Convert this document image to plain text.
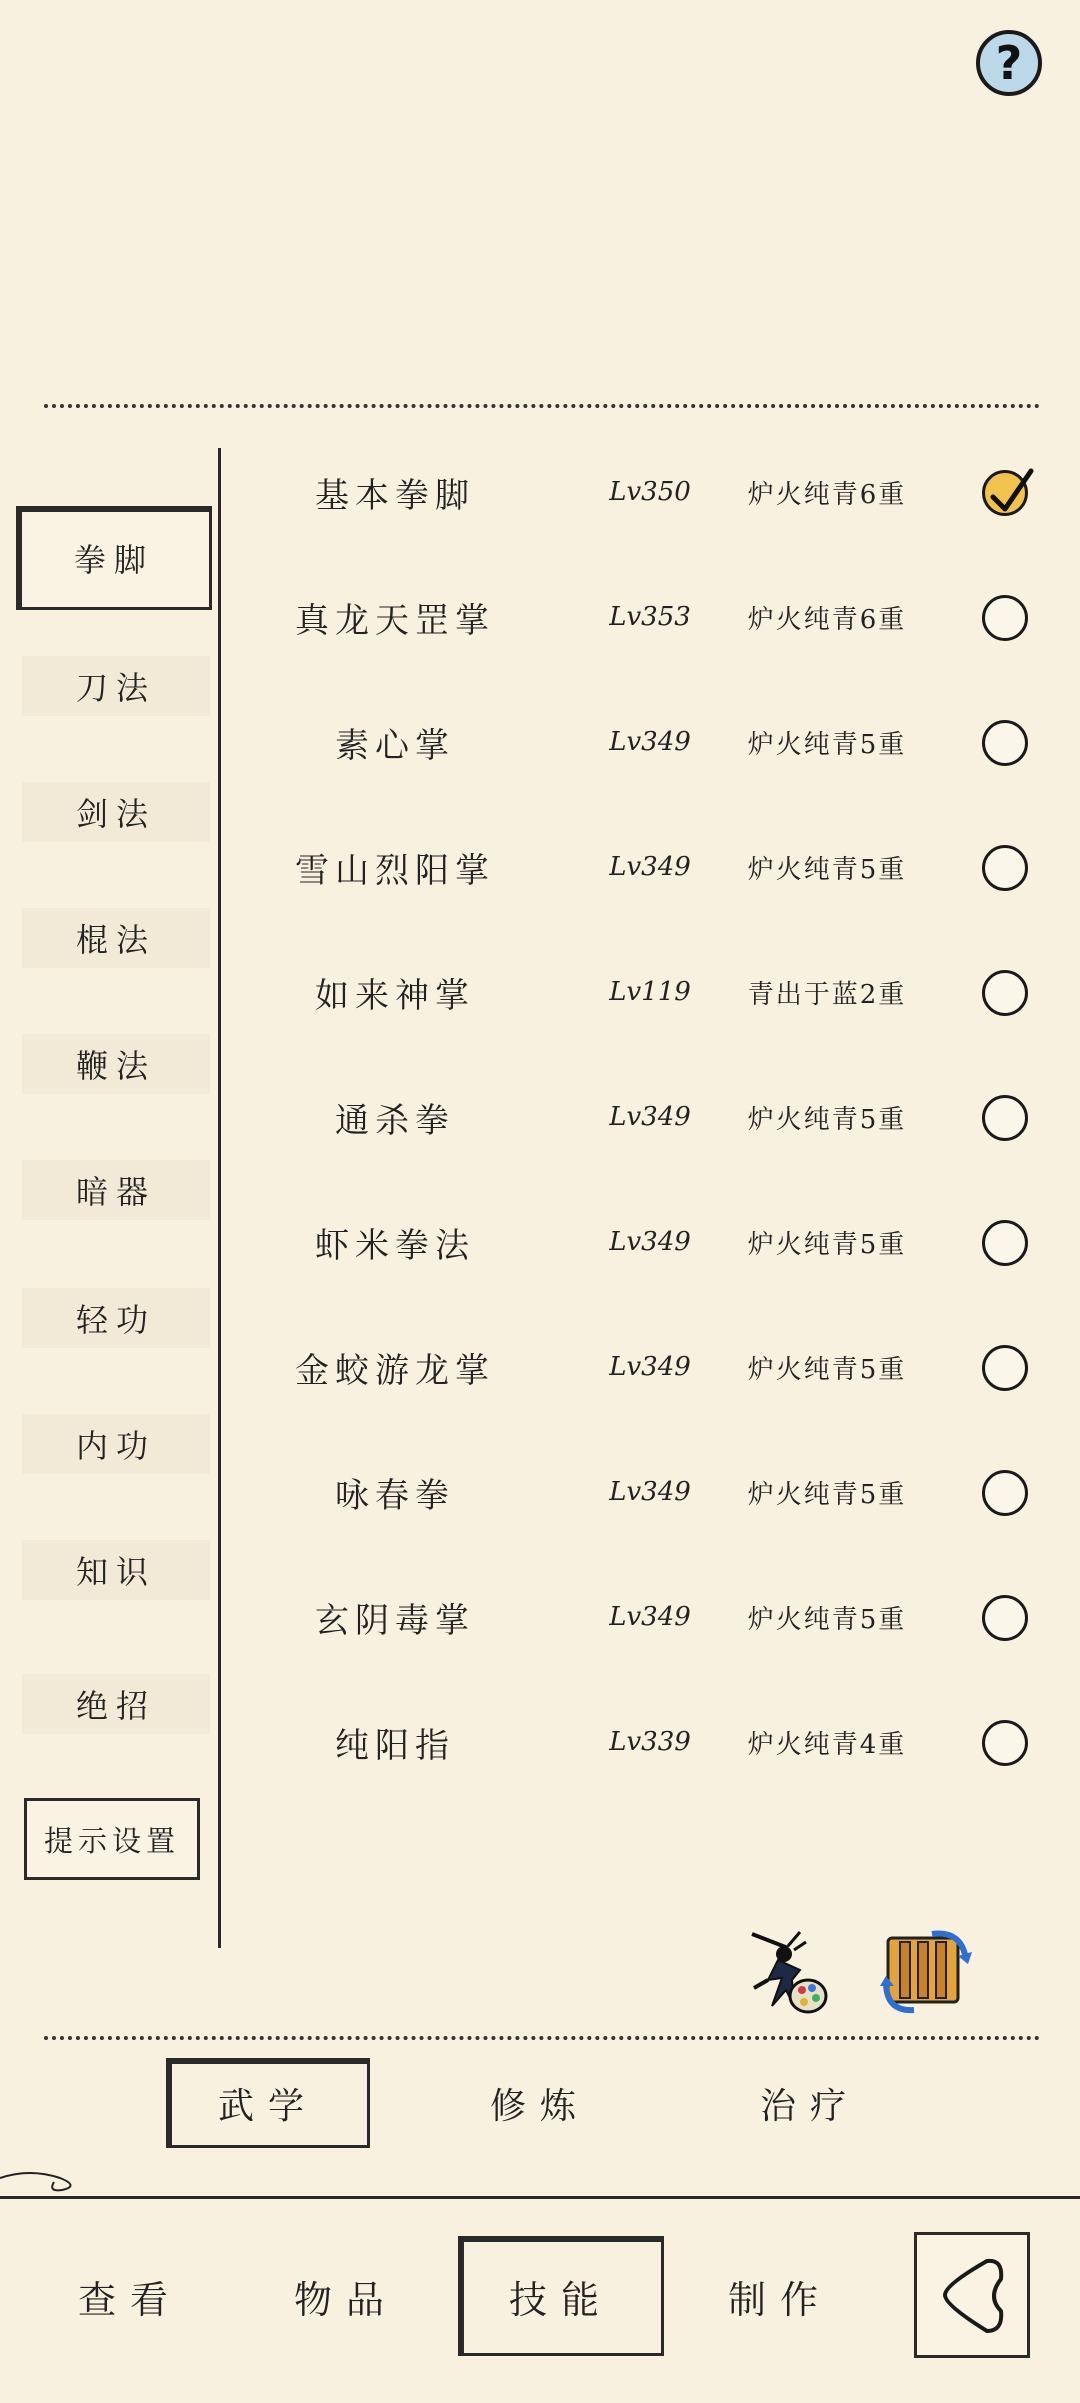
?
拳脚
刀法
剑法
棍法
鞭法
暗器
轻功
内功
知识
绝招
提示设置
基本拳脚	Lv350	炉火纯青6重
真龙天罡掌	Lv353	炉火纯青6重
素心掌	Lv349	炉火纯青5重
雪山烈阳掌	Lv349	炉火纯青5重
如来神掌	Lv119	青出于蓝2重
通杀拳	Lv349	炉火纯青5重
虾米拳法	Lv349	炉火纯青5重
金蛟游龙掌	Lv349	炉火纯青5重
咏春拳	Lv349	炉火纯青5重
玄阴毒掌	Lv349	炉火纯青5重
纯阳指	Lv339	炉火纯青4重
武学	修炼	治疗
查看	物品	技能	制作
